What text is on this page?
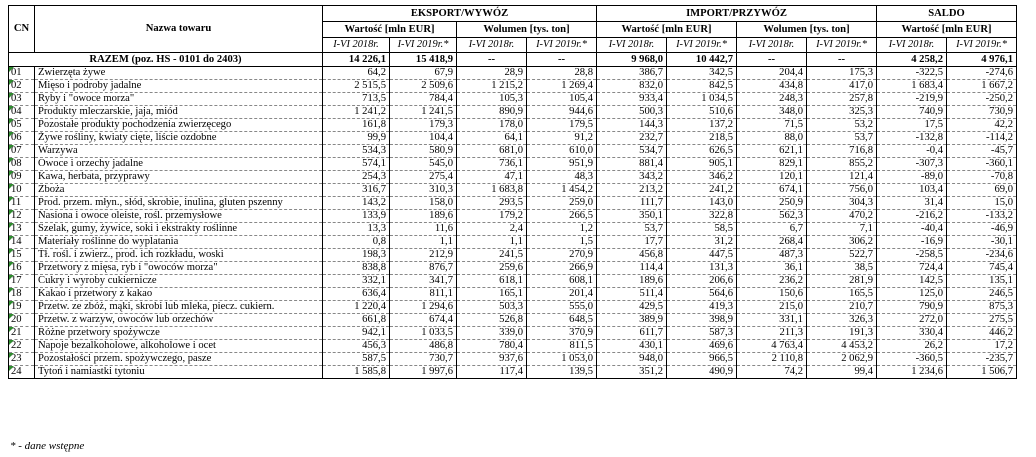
CN	Nazwa towaru	EKSPORT/WYWÓZ				IMPORT/PRZYWÓZ				SALDO	
		Wartość [mln EUR]		Wolumen [tys. ton]		Wartość [mln EUR]		Wolumen [tys. ton]		Wartość [mln EUR]	
		I-VI 2018r.	I-VI 2019r.*	I-VI 2018r.	I-VI 2019r.*	I-VI 2018r.	I-VI 2019r.*	I-VI 2018r.	I-VI 2019r.*	I-VI 2018r.	I-VI 2019r.*
RAZEM (poz. HS - 0101 do 2403)		14 226,1	15 418,9	--	--	9 968,0	10 442,7	--	--	4 258,2	4 976,1

01	Zwierzęta żywe	64,2	67,9	28,9	28,8	386,7	342,5	204,4	175,3	-322,5	-274,6

02	Mięso i podroby jadalne	2 515,5	2 509,6	1 215,2	1 269,4	832,0	842,5	434,8	417,0	1 683,4	1 667,2

03	Ryby i "owoce morza"	713,5	784,4	105,3	105,4	933,4	1 034,5	248,3	257,8	-219,9	-250,2

04	Produkty mleczarskie, jaja, miód	1 241,2	1 241,5	890,9	944,6	500,3	510,6	348,0	325,3	740,9	730,9

05	Pozostałe produkty pochodzenia zwierzęcego	161,8	179,3	178,0	179,5	144,3	137,2	71,5	53,2	17,5	42,2

06	Żywe rośliny, kwiaty cięte, liście ozdobne	99,9	104,4	64,1	91,2	232,7	218,5	88,0	53,7	-132,8	-114,2

07	Warzywa	534,3	580,9	681,0	610,0	534,7	626,5	621,1	716,8	-0,4	-45,7

08	Owoce i orzechy jadalne	574,1	545,0	736,1	951,9	881,4	905,1	829,1	855,2	-307,3	-360,1

09	Kawa, herbata, przyprawy	254,3	275,4	47,1	48,3	343,2	346,2	120,1	121,4	-89,0	-70,8

10	Zboża	316,7	310,3	1 683,8	1 454,2	213,2	241,2	674,1	756,0	103,4	69,0

11	Prod. przem. młyn., słód, skrobie, inulina, gluten pszenny	143,2	158,0	293,5	259,0	111,7	143,0	250,9	304,3	31,4	15,0

12	Nasiona i owoce oleiste, rośl. przemysłowe	133,9	189,6	179,2	266,5	350,1	322,8	562,3	470,2	-216,2	-133,2

13	Szelak, gumy, żywice, soki i ekstrakty roślinne	13,3	11,6	2,4	1,2	53,7	58,5	6,7	7,1	-40,4	-46,9

14	Materiały roślinne do wyplatania	0,8	1,1	1,1	1,5	17,7	31,2	268,4	306,2	-16,9	-30,1

15	Tł. rośl. i zwierz., prod. ich rozkładu, woski	198,3	212,9	241,5	270,9	456,8	447,5	487,3	522,7	-258,5	-234,6

16	Przetwory z mięsa, ryb i "owoców morza"	838,8	876,7	259,6	266,9	114,4	131,3	36,1	38,5	724,4	745,4

17	Cukry i wyroby cukiernicze	332,1	341,7	618,1	608,1	189,6	206,6	236,2	281,9	142,5	135,1

18	Kakao i przetwory z kakao	636,4	811,1	165,1	201,4	511,4	564,6	150,6	165,5	125,0	246,5

19	Przetw. ze zbóż, mąki, skrobi lub mleka, piecz. cukiern.	1 220,4	1 294,6	503,3	555,0	429,5	419,3	215,0	210,7	790,9	875,3

20	Przetw. z warzyw, owoców lub orzechów	661,8	674,4	526,8	648,5	389,9	398,9	331,1	326,3	272,0	275,5

21	Różne przetwory spożywcze	942,1	1 033,5	339,0	370,9	611,7	587,3	211,3	191,3	330,4	446,2

22	Napoje bezalkoholowe, alkoholowe i ocet	456,3	486,8	780,4	811,5	430,1	469,6	4 763,4	4 453,2	26,2	17,2

23	Pozostałości przem. spożywczego, pasze	587,5	730,7	937,6	1 053,0	948,0	966,5	2 110,8	2 062,9	-360,5	-235,7

24	Tytoń i namiastki tytoniu	1 585,8	1 997,6	117,4	139,5	351,2	490,9	74,2	99,4	1 234,6	1 506,7
* - dane wstępne
